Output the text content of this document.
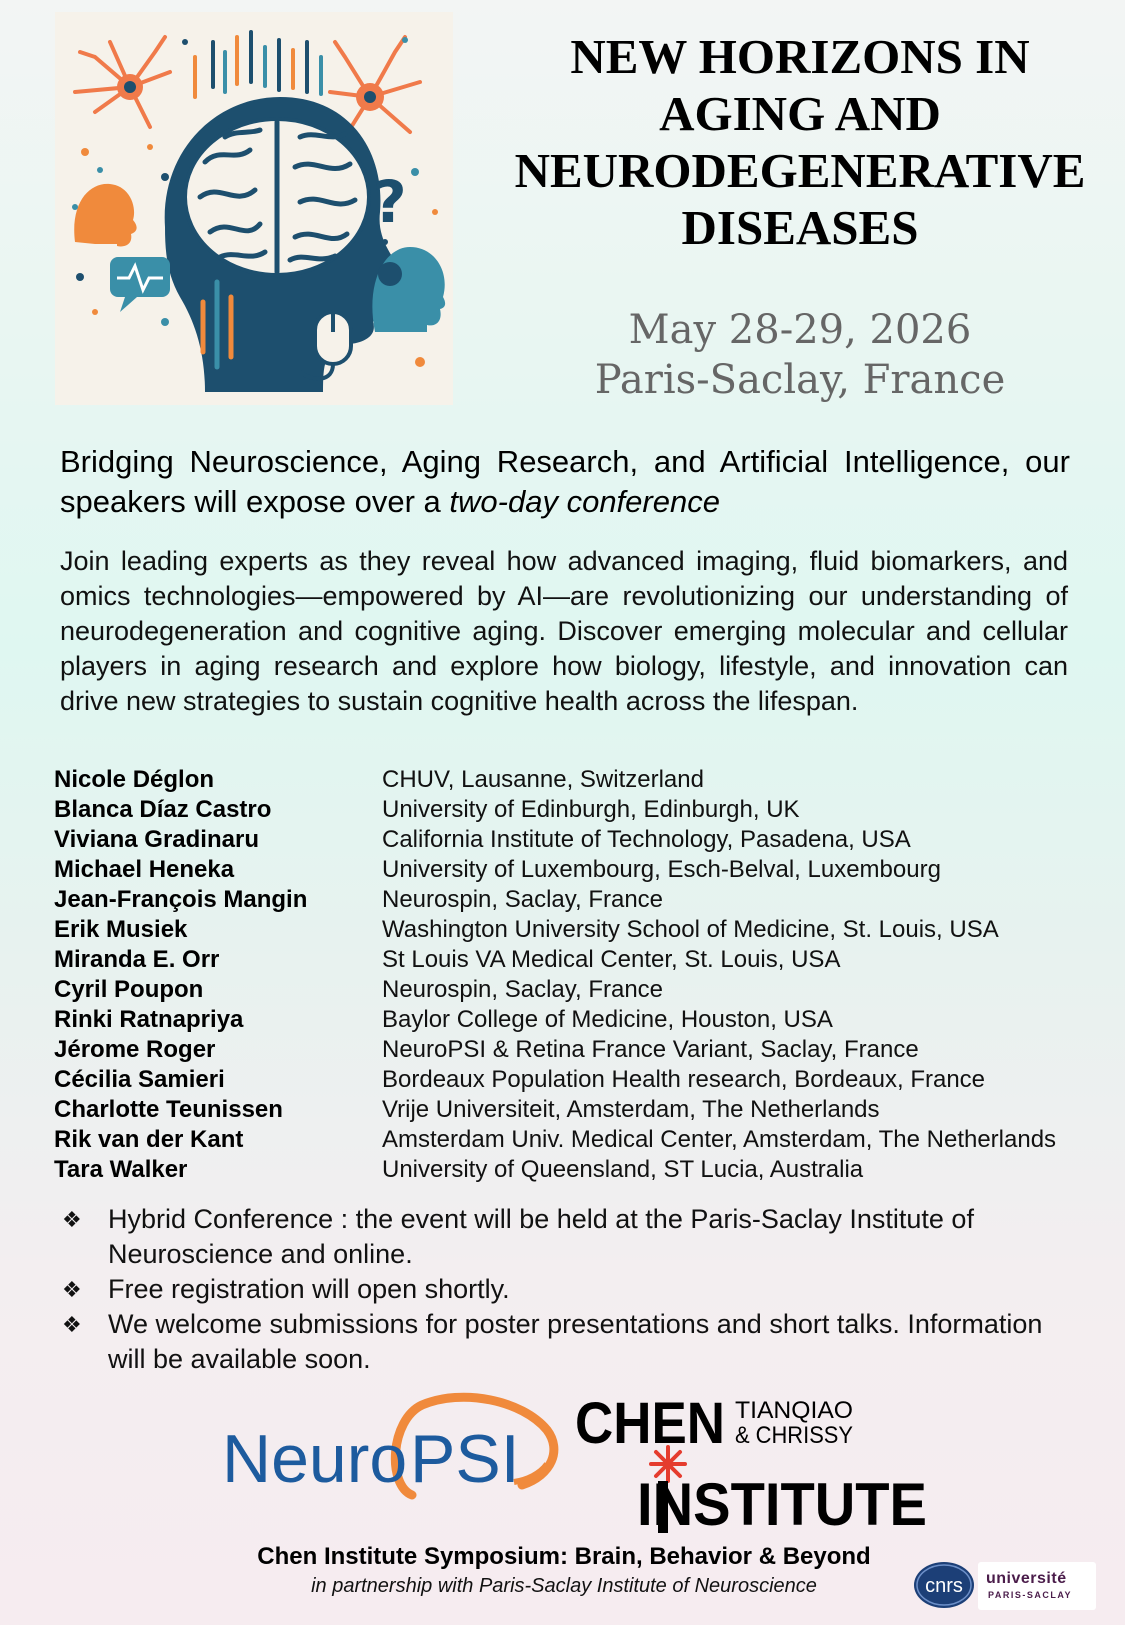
?
NEW HORIZONS IN
AGING AND
NEURODEGENERATIVE
DISEASES
May 28-29, 2026
Paris-Saclay, France
Bridging Neuroscience, Aging Research, and Artificial Intelligence, our speakers will expose over a two-day conference
Join leading experts as they reveal how advanced imaging, fluid biomarkers, and omics technologies—empowered by AI—are revolutionizing our understanding of neurodegeneration and cognitive aging. Discover emerging molecular and cellular players in aging research and explore how biology, lifestyle, and innovation can drive new strategies to sustain cognitive health across the lifespan.
Nicole Déglon	CHUV, Lausanne, Switzerland
Blanca Díaz Castro	University of Edinburgh, Edinburgh, UK
Viviana Gradinaru	California Institute of Technology, Pasadena, USA
Michael Heneka	University of Luxembourg, Esch-Belval, Luxembourg
Jean-François Mangin	Neurospin, Saclay, France
Erik Musiek	Washington University School of Medicine, St. Louis, USA
Miranda E. Orr	St Louis VA Medical Center, St. Louis, USA
Cyril Poupon	Neurospin, Saclay, France
Rinki Ratnapriya	Baylor College of Medicine, Houston, USA
Jérome Roger	NeuroPSI & Retina France Variant, Saclay, France
Cécilia Samieri	Bordeaux Population Health research, Bordeaux, France
Charlotte Teunissen	Vrije Universiteit, Amsterdam, The Netherlands
Rik van der Kant	Amsterdam Univ. Medical Center, Amsterdam, The Netherlands
Tara Walker	University of Queensland, ST Lucia, Australia
❖ Hybrid Conference : the event will be held at the Paris-Saclay Institute of Neuroscience and online.
❖ Free registration will open shortly.
❖ We welcome submissions for poster presentations and short talks. Information will be available soon.
Neuro PSI CHEN TIANQIAO
& CHRISSY
INSTITUTE
Chen Institute Symposium: Brain, Behavior & Beyond
in partnership with Paris-Saclay Institute of Neuroscience	cnrs université
PARIS-SACLAY
